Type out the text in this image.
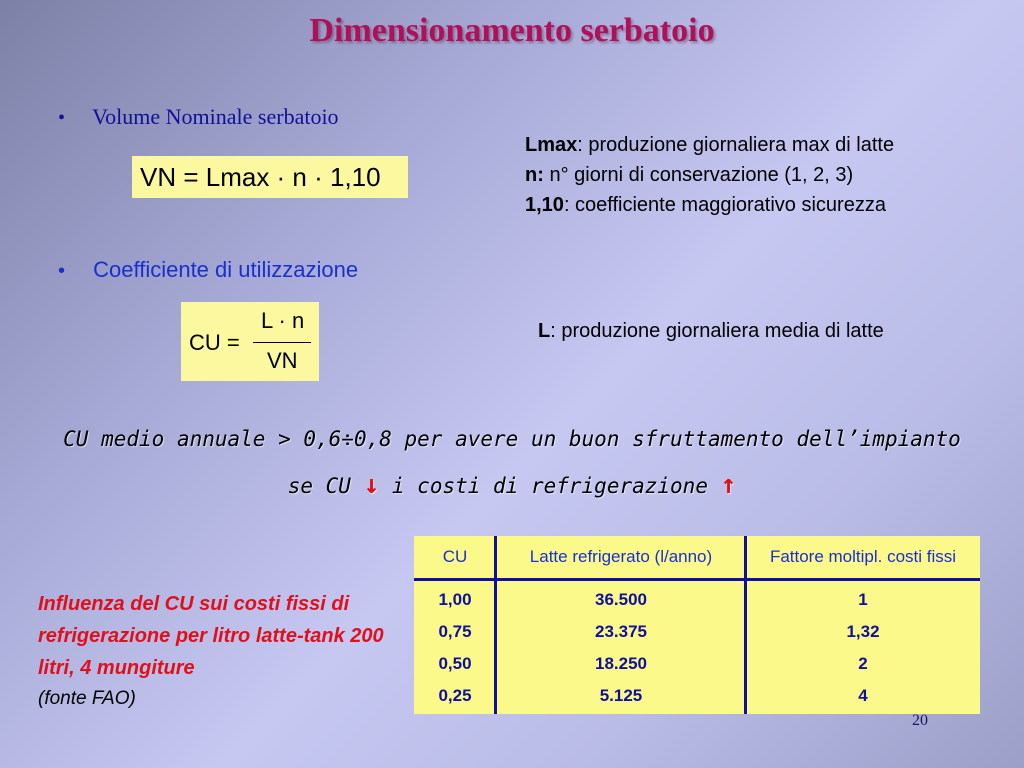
Dimensionamento serbatoio
• Volume Nominale serbatoio
VN = Lmax · n · 1,10
Lmax: produzione giornaliera max di latte
n: n° giorni di conservazione (1, 2, 3)
1,10: coefficiente maggiorativo sicurezza
• Coefficiente di utilizzazione
CU =
L · n
VN
L: produzione giornaliera media di latte
CU medio annuale > 0,6÷0,8 per avere un buon sfruttamento dell’impianto
se CU ↓ i costi di refrigerazione ↑
Influenza del CU sui costi fissi di refrigerazione per litro latte-tank 200 litri, 4 mungiture
(fonte FAO)
CU	Latte refrigerato (l/anno)	Fattore moltipl. costi fissi
1,00	36.500	1
0,75	23.375	1,32
0,50	18.250	2
0,25	5.125	4
20
